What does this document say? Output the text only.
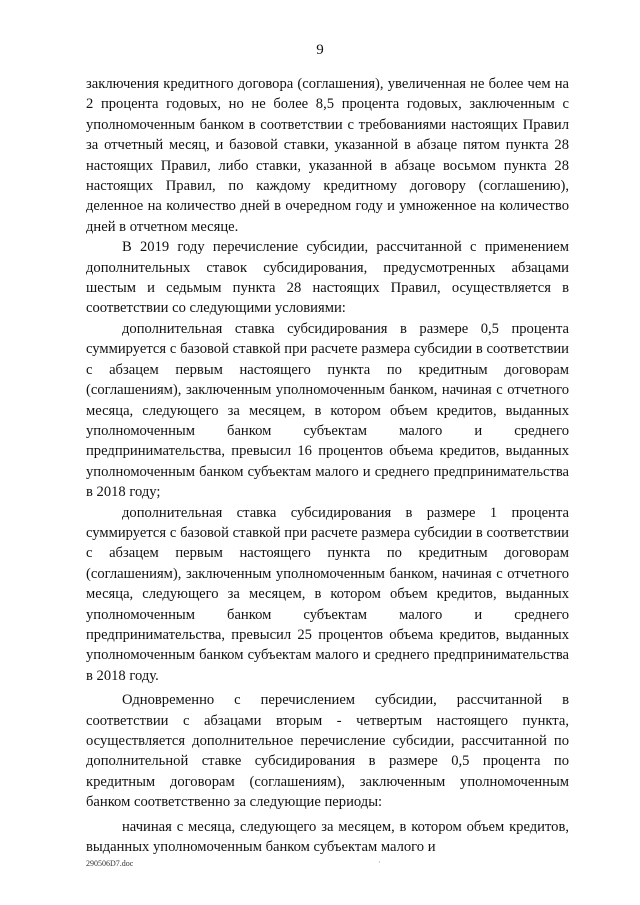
9

заключения кредитного договора (соглашения), увеличенная не более чем на 2 процента годовых, но не более 8,5 процента годовых, заключенным с уполномоченным банком в соответствии с требованиями настоящих Правил за отчетный месяц, и базовой ставки, указанной в абзаце пятом пункта 28 настоящих Правил, либо ставки, указанной в абзаце восьмом пункта 28 настоящих Правил, по каждому кредитному договору (соглашению), деленное на количество дней в очередном году и умноженное на количество дней в отчетном месяце.

В 2019 году перечисление субсидии, рассчитанной с применением дополнительных ставок субсидирования, предусмотренных абзацами шестым и седьмым пункта 28 настоящих Правил, осуществляется в соответствии со следующими условиями:

дополнительная ставка субсидирования в размере 0,5 процента суммируется с базовой ставкой при расчете размера субсидии в соответствии с абзацем первым настоящего пункта по кредитным договорам (соглашениям), заключенным уполномоченным банком, начиная с отчетного месяца, следующего за месяцем, в котором объем кредитов, выданных уполномоченным банком субъектам малого и среднего предпринимательства, превысил 16 процентов объема кредитов, выданных уполномоченным банком субъектам малого и среднего предпринимательства в 2018 году;

дополнительная ставка субсидирования в размере 1 процента суммируется с базовой ставкой при расчете размера субсидии в соответствии с абзацем первым настоящего пункта по кредитным договорам (соглашениям), заключенным уполномоченным банком, начиная с отчетного месяца, следующего за месяцем, в котором объем кредитов, выданных уполномоченным банком субъектам малого и среднего предпринимательства, превысил 25 процентов объема кредитов, выданных уполномоченным банком субъектам малого и среднего предпринимательства в 2018 году.

Одновременно с перечислением субсидии, рассчитанной в соответствии с абзацами вторым - четвертым настоящего пункта, осуществляется дополнительное перечисление субсидии, рассчитанной по дополнительной ставке субсидирования в размере 0,5 процента по кредитным договорам (соглашениям), заключенным уполномоченным банком соответственно за следующие периоды:

начиная с месяца, следующего за месяцем, в котором объем кредитов, выданных уполномоченным банком субъектам малого и

290506D7.doc	·
